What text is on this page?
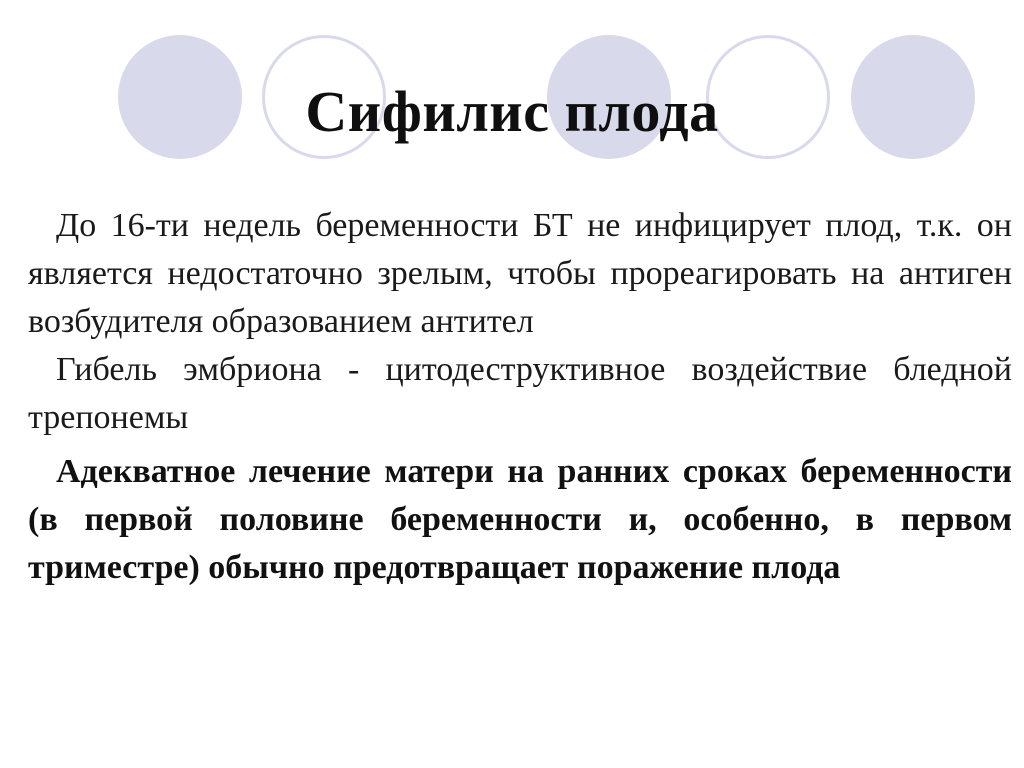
Сифилис плода

До 16-ти недель беременности БТ не инфицирует плод, т.к. он является недостаточно зрелым, чтобы прореагировать на антиген возбудителя образованием антител

Гибель эмбриона - цитодеструктивное воздействие бледной трепонемы

Адекватное лечение матери на ранних сроках беременности (в первой половине беременности и, особенно, в первом триместре) обычно предотвращает поражение плода
